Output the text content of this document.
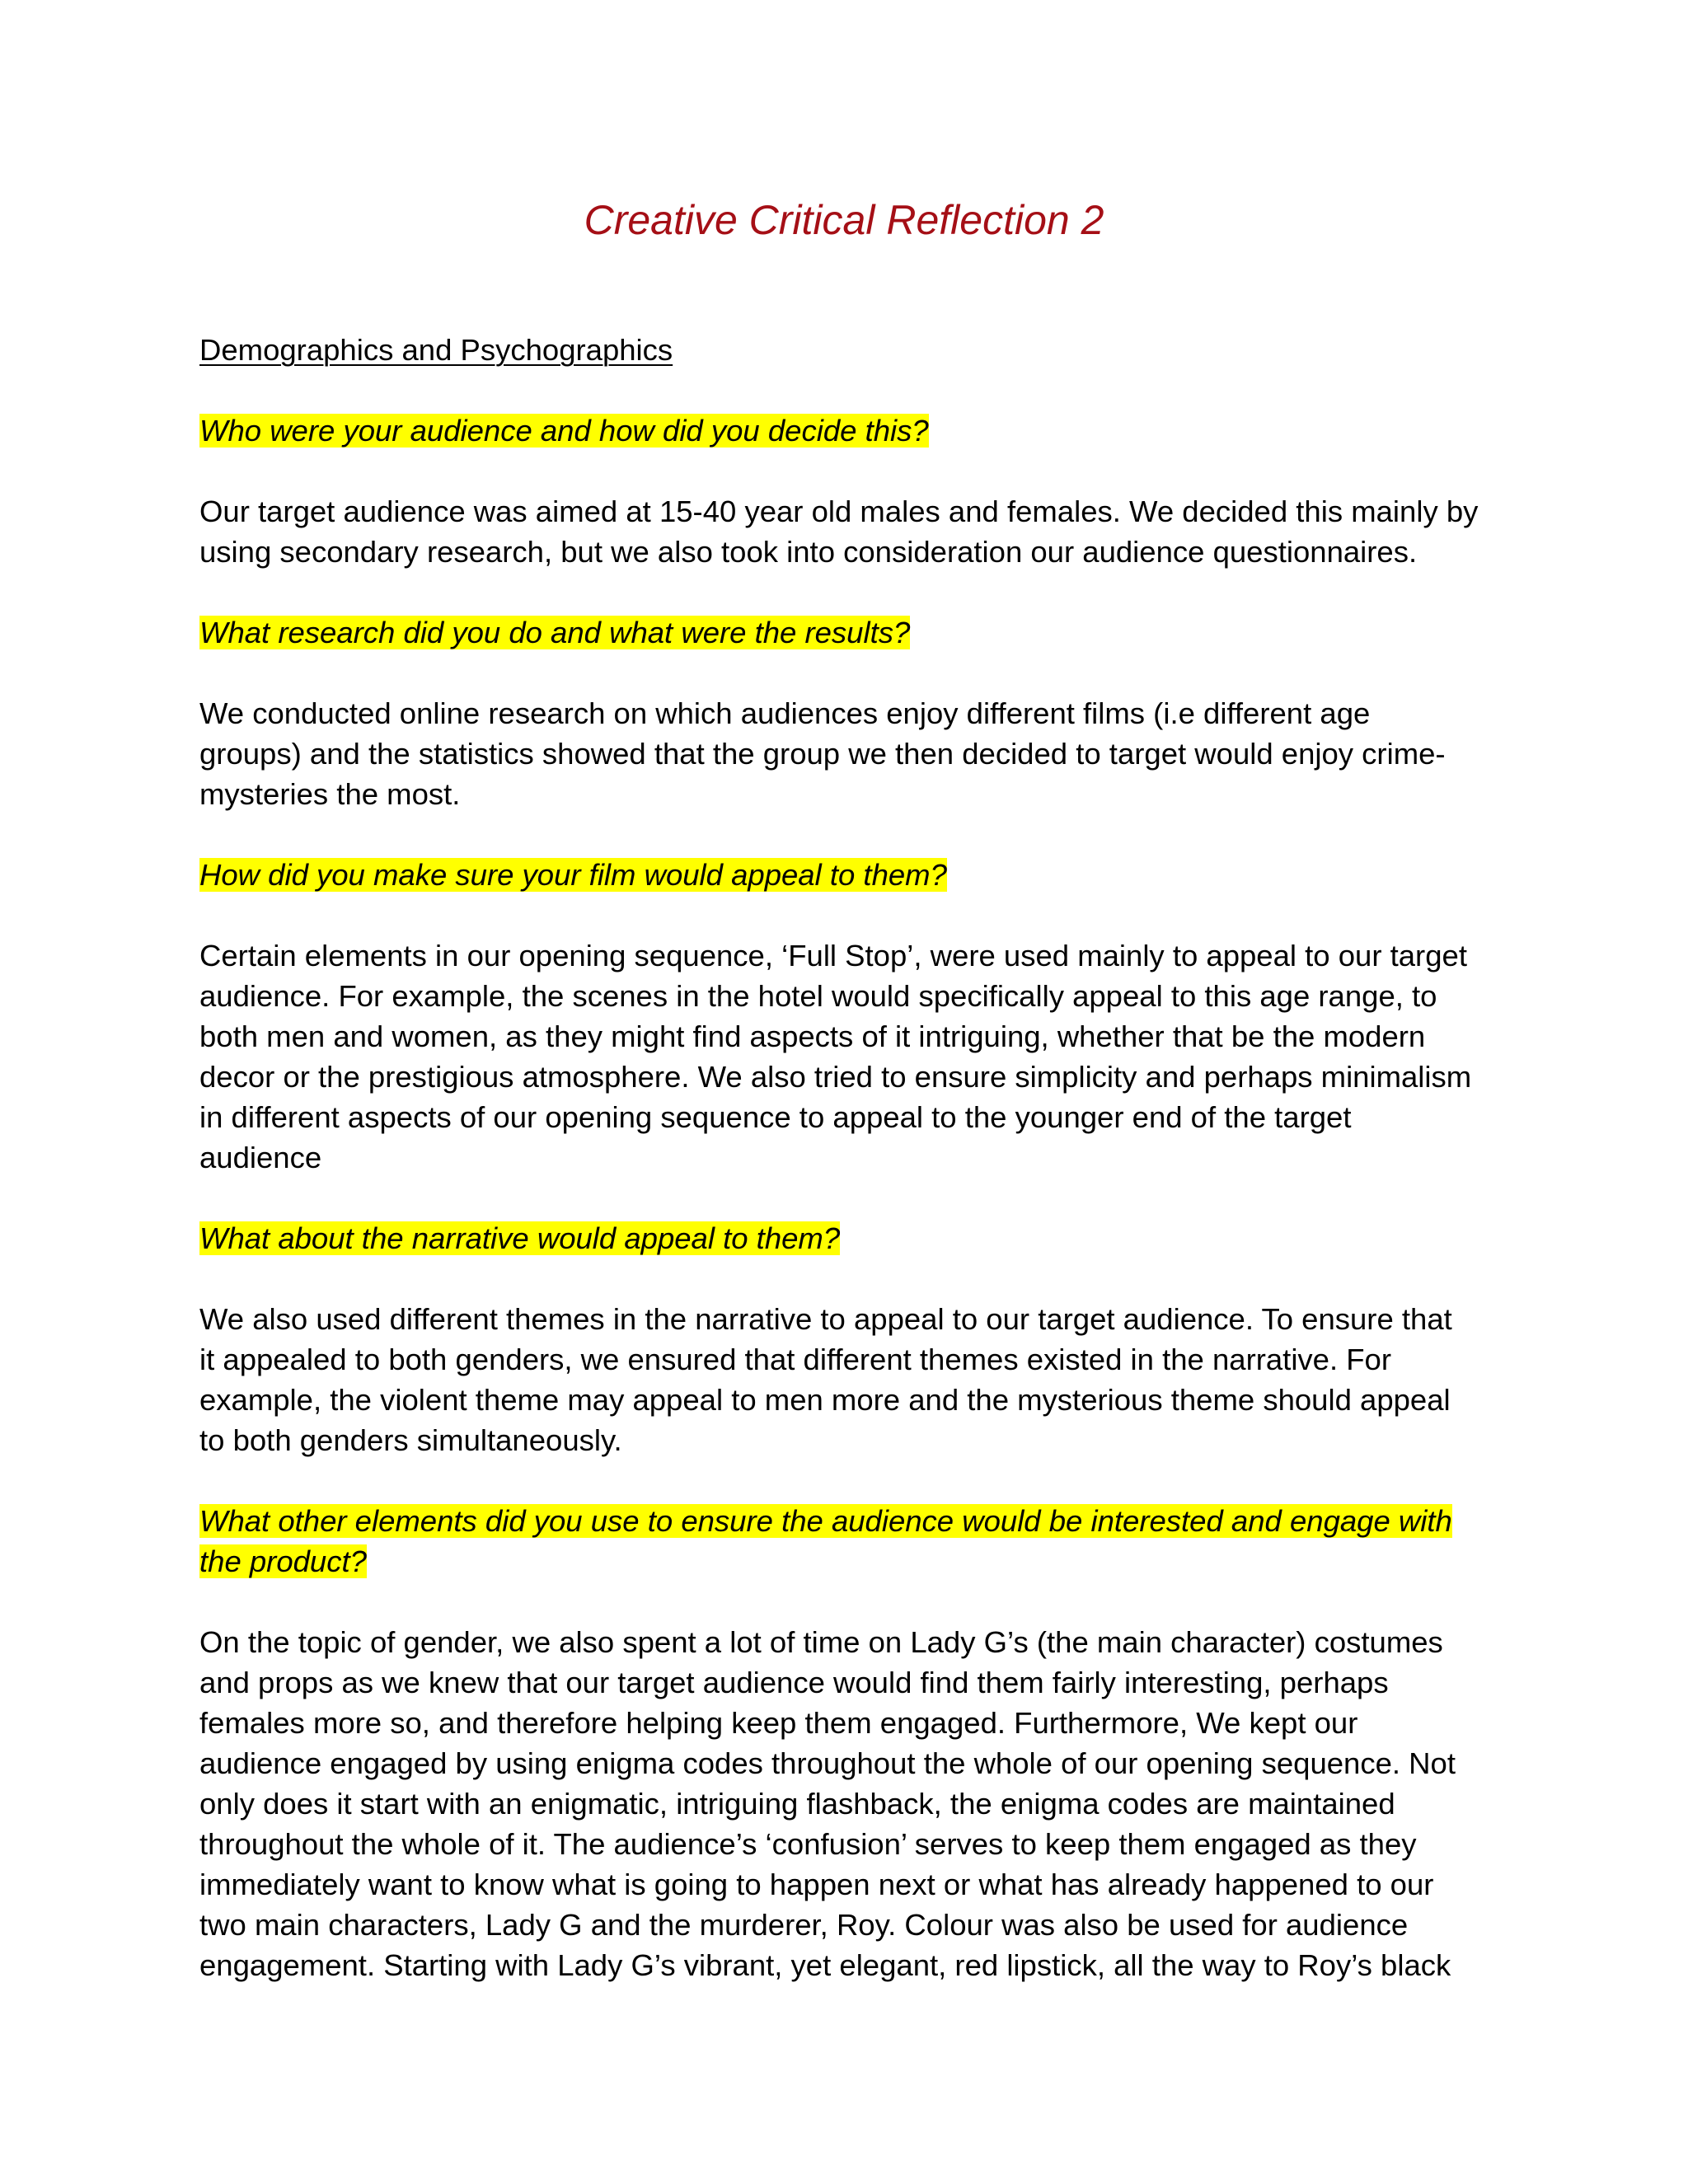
Creative Critical Reflection 2

Demographics and Psychographics

Who were your audience and how did you decide this?

Our target audience was aimed at 15-40 year old males and females. We decided this mainly by
using secondary research, but we also took into consideration our audience questionnaires.

What research did you do and what were the results?

We conducted online research on which audiences enjoy different films (i.e different age
groups) and the statistics showed that the group we then decided to target would enjoy crime-
mysteries the most.

How did you make sure your film would appeal to them?

Certain elements in our opening sequence, ‘Full Stop’, were used mainly to appeal to our target
audience. For example, the scenes in the hotel would specifically appeal to this age range, to
both men and women, as they might find aspects of it intriguing, whether that be the modern
decor or the prestigious atmosphere. We also tried to ensure simplicity and perhaps minimalism
in different aspects of our opening sequence to appeal to the younger end of the target
audience

What about the narrative would appeal to them?

We also used different themes in the narrative to appeal to our target audience. To ensure that
it appealed to both genders, we ensured that different themes existed in the narrative. For
example, the violent theme may appeal to men more and the mysterious theme should appeal
to both genders simultaneously.

What other elements did you use to ensure the audience would be interested and engage with
the product?

On the topic of gender, we also spent a lot of time on Lady G’s (the main character) costumes
and props as we knew that our target audience would find them fairly interesting, perhaps
females more so, and therefore helping keep them engaged. Furthermore, We kept our
audience engaged by using enigma codes throughout the whole of our opening sequence. Not
only does it start with an enigmatic, intriguing flashback, the enigma codes are maintained
throughout the whole of it. The audience’s ‘confusion’ serves to keep them engaged as they
immediately want to know what is going to happen next or what has already happened to our
two main characters, Lady G and the murderer, Roy. Colour was also be used for audience
engagement. Starting with Lady G’s vibrant, yet elegant, red lipstick, all the way to Roy’s black
